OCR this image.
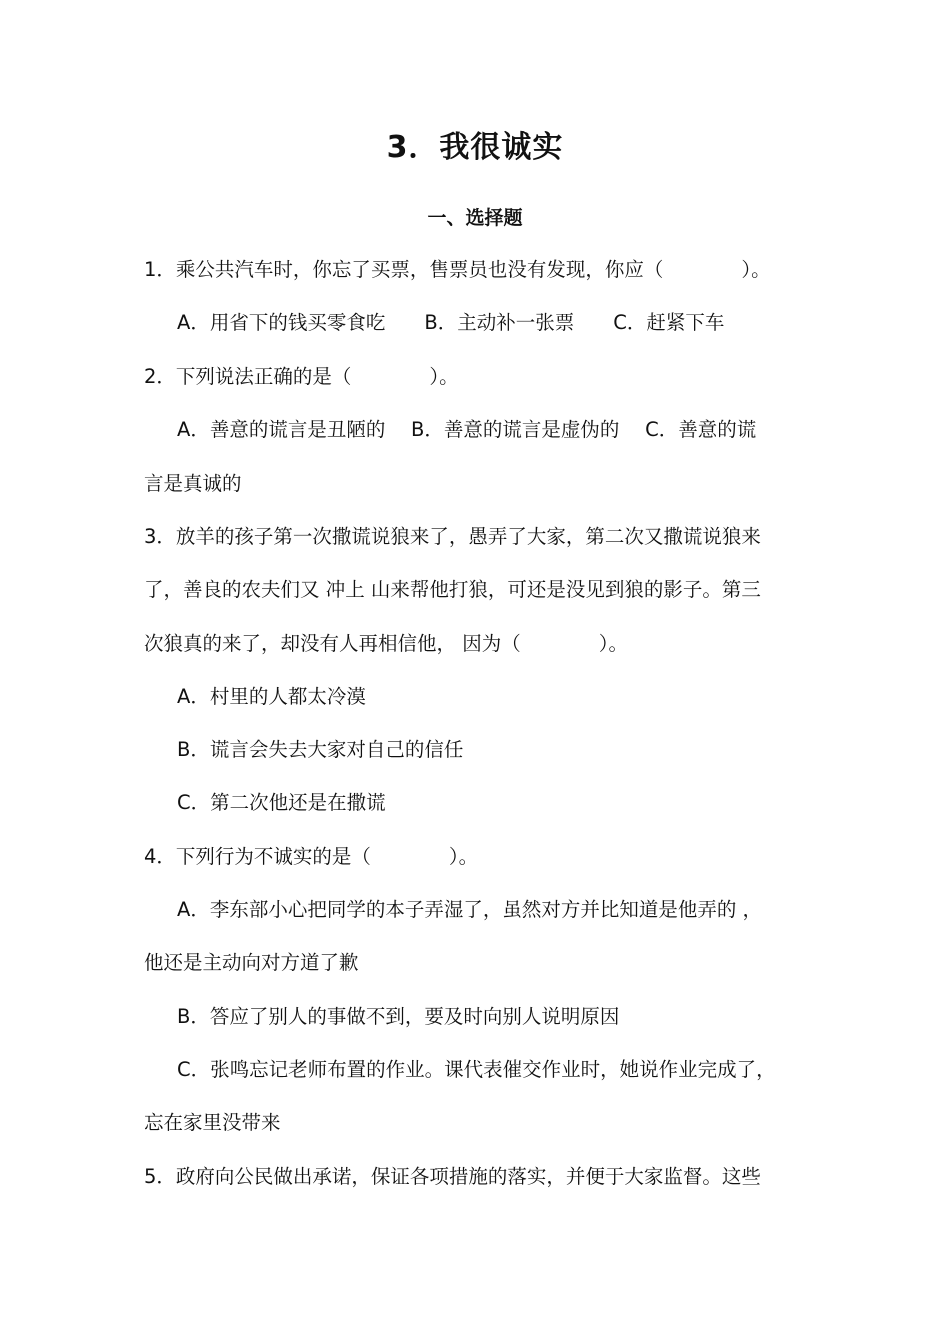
3．我很诚实
一、选择题
1．乘公共汽车时，你忘了买票，售票员也没有发现，你应（　　　　）。
A．用省下的钱买零食吃　　B．主动补一张票　　C．赶紧下车
2．下列说法正确的是（　　　　）。
A．善意的谎言是丑陋的　 B．善意的谎言是虚伪的　 C．善意的谎
言是真诚的
3．放羊的孩子第一次撒谎说狼来了，愚弄了大家，第二次又撒谎说狼来
了，善良的农夫们又 冲上 山来帮他打狼，可还是没见到狼的影子。第三
次狼真的来了，却没有人再相信他， 因为（　　　　）。
A．村里的人都太冷漠
B．谎言会失去大家对自己的信任
C．第二次他还是在撒谎
4．下列行为不诚实的是（　　　　）。
A．李东部小心把同学的本子弄湿了，虽然对方并比知道是他弄的 ，
他还是主动向对方道了歉
B．答应了别人的事做不到，要及时向别人说明原因
C．张鸣忘记老师布置的作业。课代表催交作业时，她说作业完成了，
忘在家里没带来
5．政府向公民做出承诺，保证各项措施的落实，并便于大家监督。这些
